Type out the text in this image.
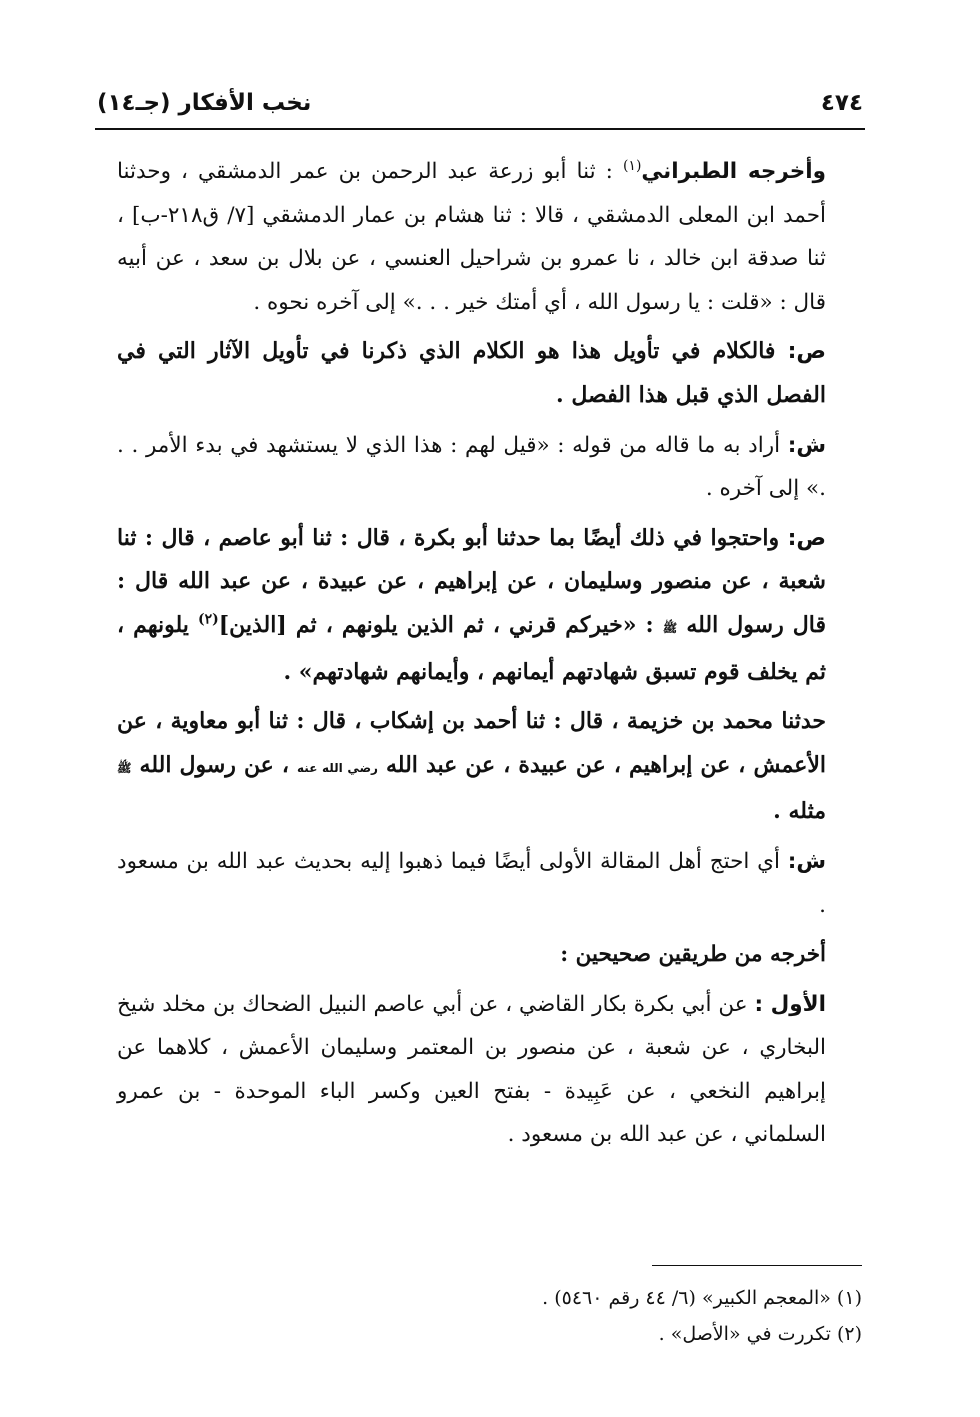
٤٧٤
نخب الأفكار (جـ١٤)

وأخرجه الطبراني$^{(١)}$ : ثنا أبو زرعة عبد الرحمن بن عمر الدمشقي ، وحدثنا أحمد ابن المعلى الدمشقي ، قالا : ثنا هشام بن عمار الدمشقي [٧/ ق٢١٨-ب] ، ثنا صدقة ابن خالد ، نا عمرو بن شراحيل العنسي ، عن بلال بن سعد ، عن أبيه قال : «قلت : يا رسول الله ، أي أمتك خير . . .» إلى آخره نحوه .

ص: فالكلام في تأويل هذا هو الكلام الذي ذكرنا في تأويل الآثار التي في الفصل الذي قبل هذا الفصل .

ش: أراد به ما قاله من قوله : «قيل لهم : هذا الذي لا يستشهد في بدء الأمر . . .» إلى آخره .

ص: واحتجوا في ذلك أيضًا بما حدثنا أبو بكرة ، قال : ثنا أبو عاصم ، قال : ثنا شعبة ، عن منصور وسليمان ، عن إبراهيم ، عن عبيدة ، عن عبد الله قال : قال رسول الله ﷺ : «خيركم قرني ، ثم الذين يلونهم ، ثم [الذين]$^{(٢)}$ يلونهم ، ثم يخلف قوم تسبق شهادتهم أيمانهم ، وأيمانهم شهادتهم» .

حدثنا محمد بن خزيمة ، قال : ثنا أحمد بن إشكاب ، قال : ثنا أبو معاوية ، عن الأعمش ، عن إبراهيم ، عن عبيدة ، عن عبد الله رضي الله عنه ، عن رسول الله ﷺ مثله .

ش: أي احتج أهل المقالة الأولى أيضًا فيما ذهبوا إليه بحديث عبد الله بن مسعود .

أخرجه من طريقين صحيحين :

الأول : عن أبي بكرة بكار القاضي ، عن أبي عاصم النبيل الضحاك بن مخلد شيخ البخاري ، عن شعبة ، عن منصور بن المعتمر وسليمان الأعمش ، كلاهما عن إبراهيم النخعي ، عن عَبِيدة - بفتح العين وكسر الباء الموحدة - بن عمرو السلماني ، عن عبد الله بن مسعود .

(١) «المعجم الكبير» (٦/ ٤٤ رقم ٥٤٦٠) .
(٢) تكررت في «الأصل» .
